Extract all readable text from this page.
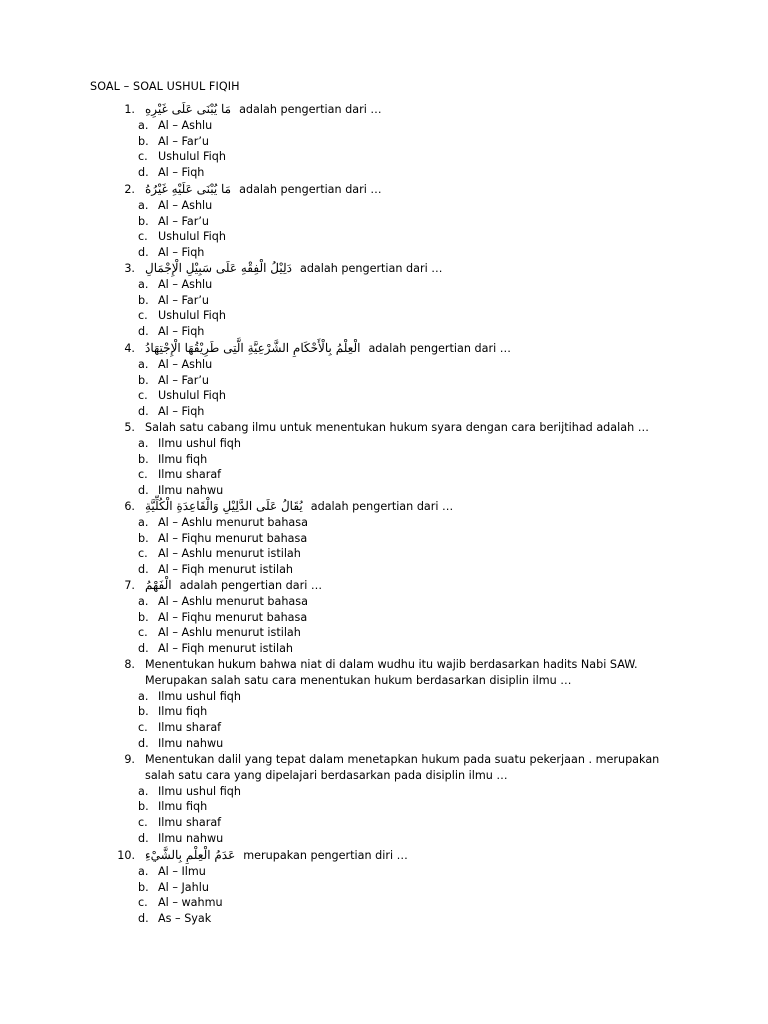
SOAL – SOAL USHUL FIQIH
1. مَا يُبْنَى عَلَى غَيْرِهِ adalah pengertian dari …
a. Al – Ashlu
b. Al – Far’u
c. Ushulul Fiqh
d. Al – Fiqh
2. مَا يُبْنَى عَلَيْهِ غَيْرُهُ adalah pengertian dari …
a. Al – Ashlu
b. Al – Far’u
c. Ushulul Fiqh
d. Al – Fiqh
3. دَلِيْلُ الْفِقْهِ عَلَى سَبِيْلِ الْإِجْمَالِ adalah pengertian dari …
a. Al – Ashlu
b. Al – Far’u
c. Ushulul Fiqh
d. Al – Fiqh
4. الْعِلْمُ بِالْأَحْكَامِ الشَّرْعِيَّةِ الَّتِى طَرِيْقُهَا الْإِجْتِهَادُ adalah pengertian dari …
a. Al – Ashlu
b. Al – Far’u
c. Ushulul Fiqh
d. Al – Fiqh
5. Salah satu cabang ilmu untuk menentukan hukum syara dengan cara berijtihad adalah …
a. Ilmu ushul fiqh
b. Ilmu fiqh
c. Ilmu sharaf
d. Ilmu nahwu
6. يُقَالُ عَلَى الدَّلِيْلِ وَالْقَاعِدَةِ الْكُلِّيَّةِ adalah pengertian dari …
a. Al – Ashlu menurut bahasa
b. Al – Fiqhu menurut bahasa
c. Al – Ashlu menurut istilah
d. Al – Fiqh menurut istilah
7. الْفَهْمُ adalah pengertian dari …
a. Al – Ashlu menurut bahasa
b. Al – Fiqhu menurut bahasa
c. Al – Ashlu menurut istilah
d. Al – Fiqh menurut istilah
8. Menentukan hukum bahwa niat di dalam wudhu itu wajib berdasarkan hadits Nabi SAW.
Merupakan salah satu cara menentukan hukum berdasarkan disiplin ilmu …
a. Ilmu ushul fiqh
b. Ilmu fiqh
c. Ilmu sharaf
d. Ilmu nahwu
9. Menentukan dalil yang tepat dalam menetapkan hukum pada suatu pekerjaan . merupakan
salah satu cara yang dipelajari berdasarkan pada disiplin ilmu …
a. Ilmu ushul fiqh
b. Ilmu fiqh
c. Ilmu sharaf
d. Ilmu nahwu
10. عَدَمُ الْعِلْمِ بِالشَّيْءِ merupakan pengertian diri …
a. Al – Ilmu
b. Al – Jahlu
c. Al – wahmu
d. As – Syak
